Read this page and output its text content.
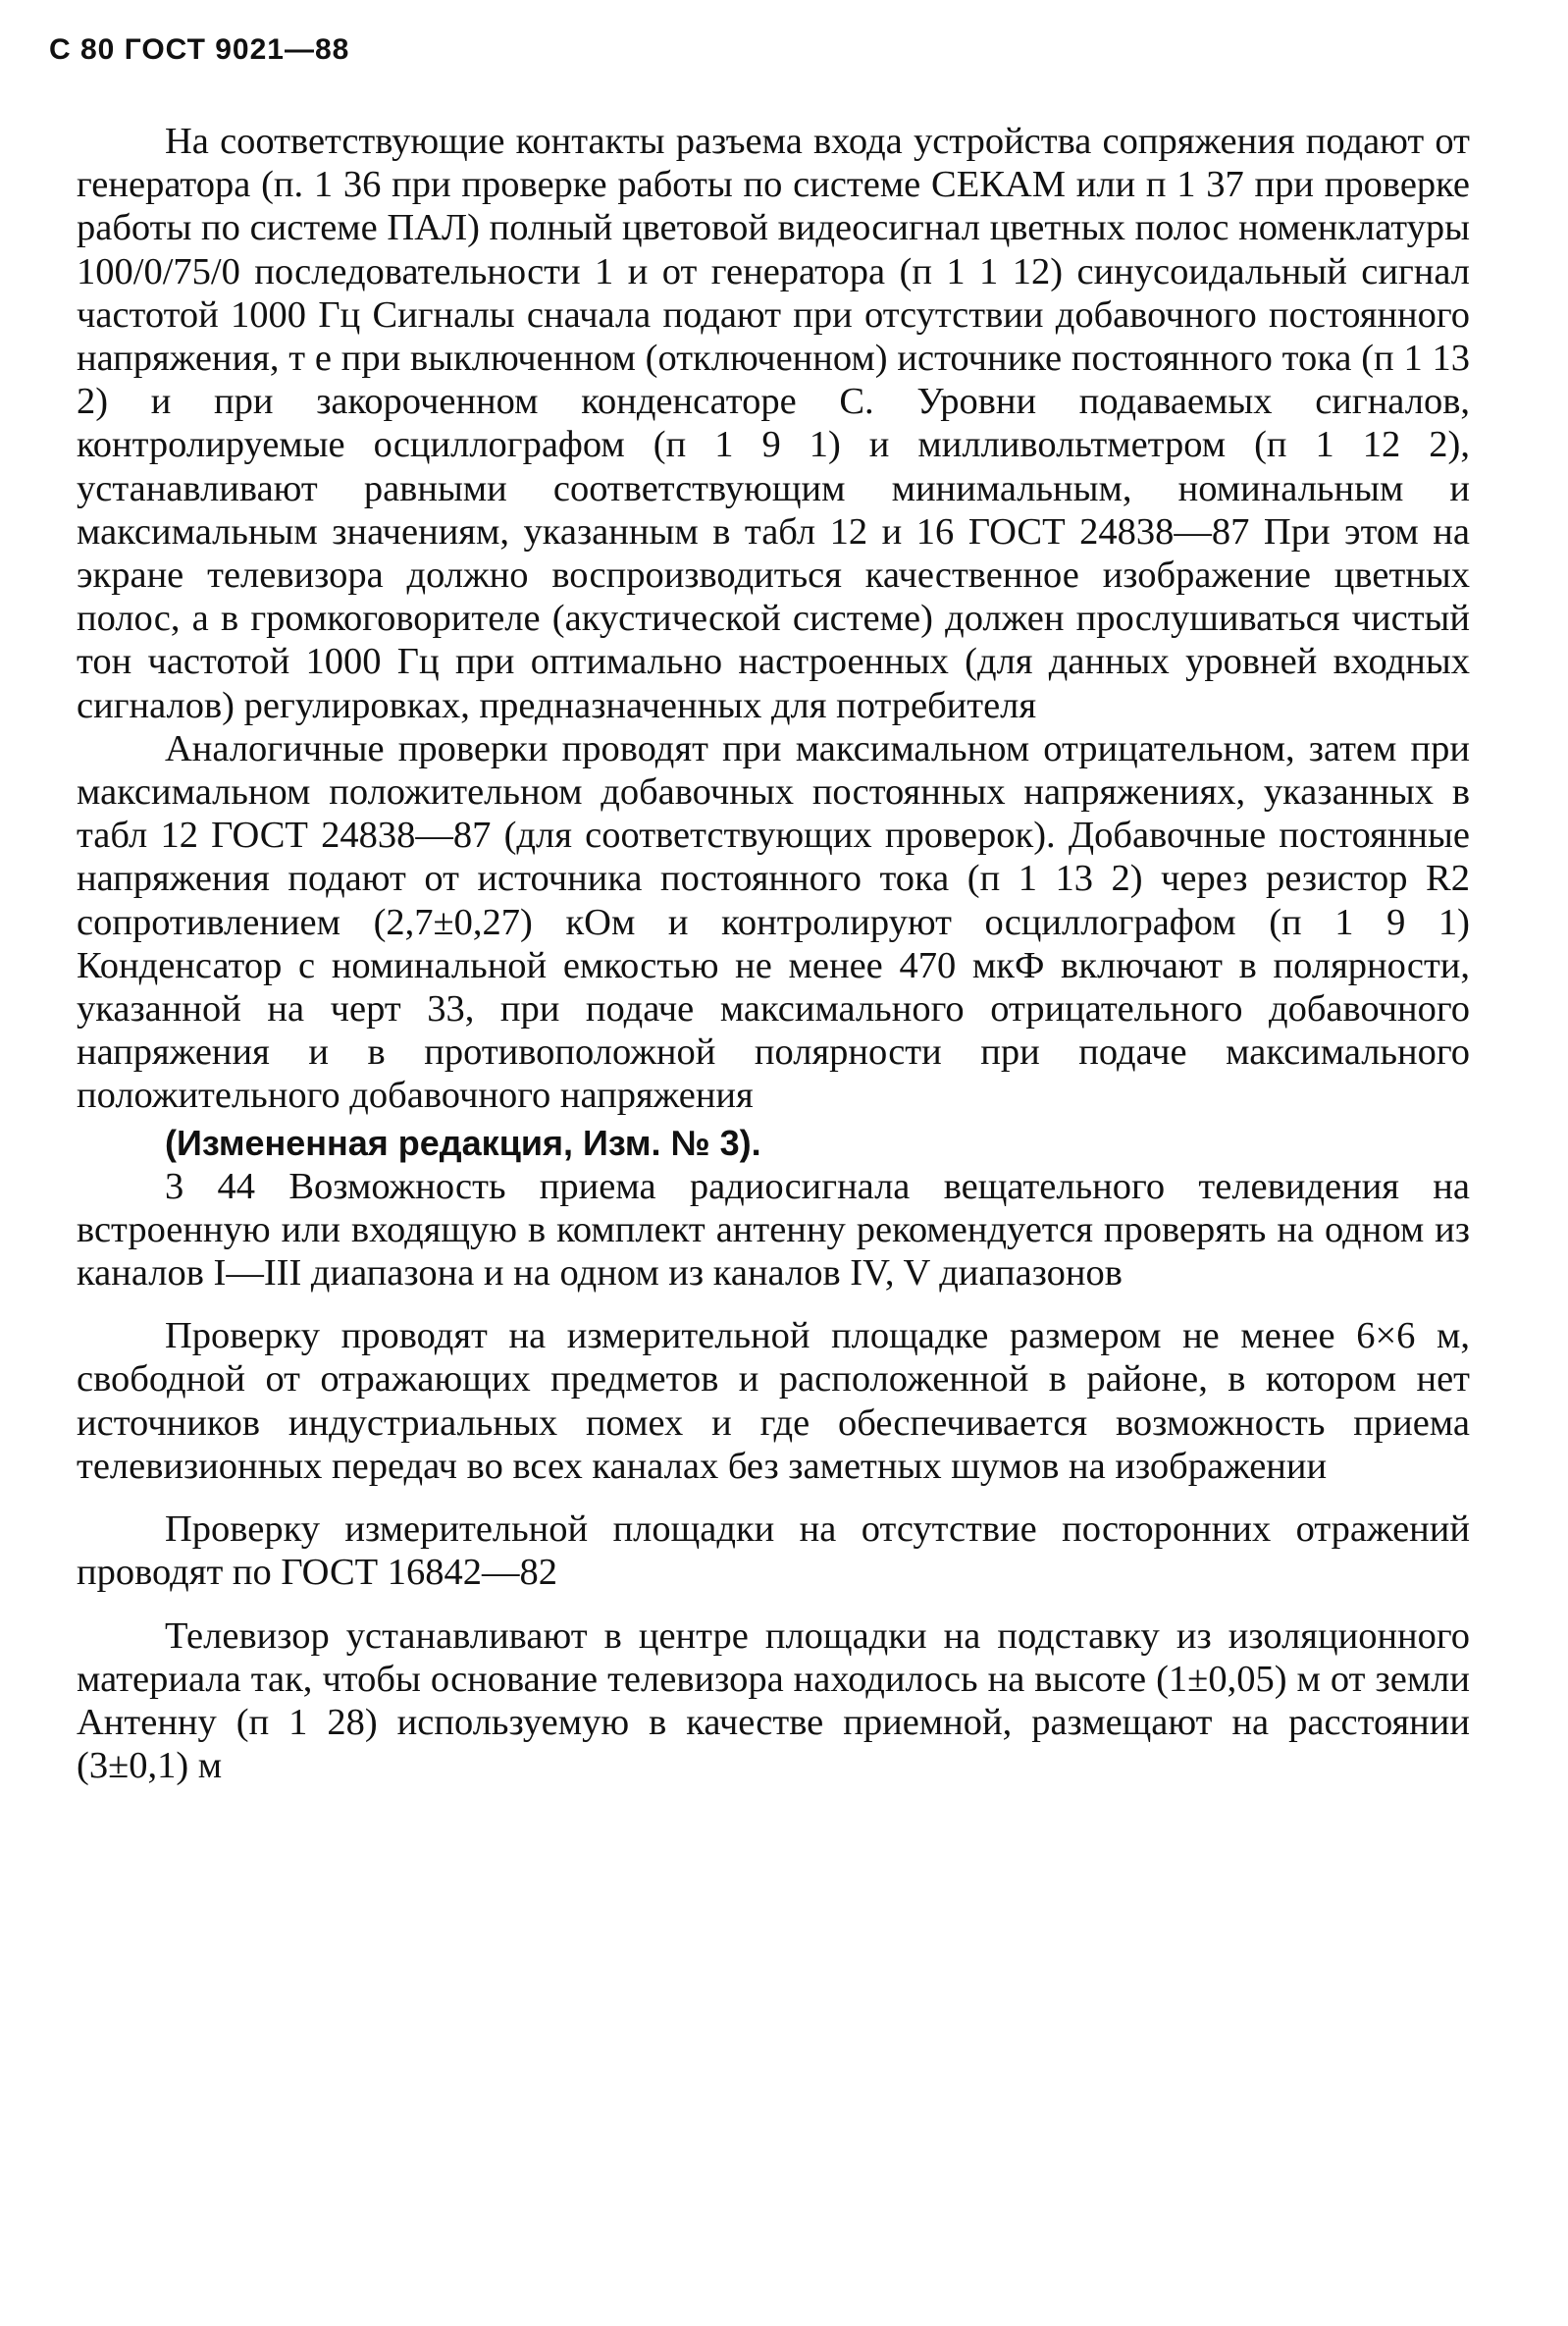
С 80 ГОСТ 9021—88

На соответствующие контакты разъема входа устройства сопряжения подают от генератора (п. 1 36 при проверке работы по системе СЕКАМ или п 1 37 при проверке работы по системе ПАЛ) полный цветовой видеосигнал цветных полос номенклатуры 100/0/75/0 последовательности 1 и от генератора (п 1 1 12) синусоидальный сигнал частотой 1000 Гц Сигналы сначала подают при отсутствии добавочного постоянного напряжения, т е при выключенном (отключенном) источнике постоянного тока (п 1 13 2) и при закороченном конденсаторе С. Уровни подаваемых сигналов, контролируемые осциллографом (п 1 9 1) и милливольтметром (п 1 12 2), устанавливают равными соответствующим минимальным, номинальным и максимальным значениям, указанным в табл 12 и 16 ГОСТ 24838—87 При этом на экране телевизора должно воспроизводиться качественное изображение цветных полос, а в громкоговорителе (акустической системе) должен прослушиваться чистый тон частотой 1000 Гц при оптимально настроенных (для данных уровней входных сигналов) регулировках, предназначенных для потребителя

Аналогичные проверки проводят при максимальном отрицательном, затем при максимальном положительном добавочных постоянных напряжениях, указанных в табл 12 ГОСТ 24838—87 (для соответствующих проверок). Добавочные постоянные напряжения подают от источника постоянного тока (п 1 13 2) через резистор R2 сопротивлением (2,7±0,27) кОм и контролируют осциллографом (п 1 9 1) Конденсатор с номинальной емкостью не менее 470 мкФ включают в полярности, указанной на черт 33, при подаче максимального отрицательного добавочного напряжения и в противоположной полярности при подаче максимального положительного добавочного напряжения

(Измененная редакция, Изм. № 3).

3 44 Возможность приема радиосигнала вещательного телевидения на встроенную или входящую в комплект антенну рекомендуется проверять на одном из каналов I—III диапазона и на одном из каналов IV, V диапазонов

Проверку проводят на измерительной площадке размером не менее 6×6 м, свободной от отражающих предметов и расположенной в районе, в котором нет источников индустриальных помех и где обеспечивается возможность приема телевизионных передач во всех каналах без заметных шумов на изображении

Проверку измерительной площадки на отсутствие посторонних отражений проводят по ГОСТ 16842—82

Телевизор устанавливают в центре площадки на подставку из изоляционного материала так, чтобы основание телевизора находилось на высоте (1±0,05) м от земли Антенну (п 1 28) используемую в качестве приемной, размещают на расстоянии (3±0,1) м
